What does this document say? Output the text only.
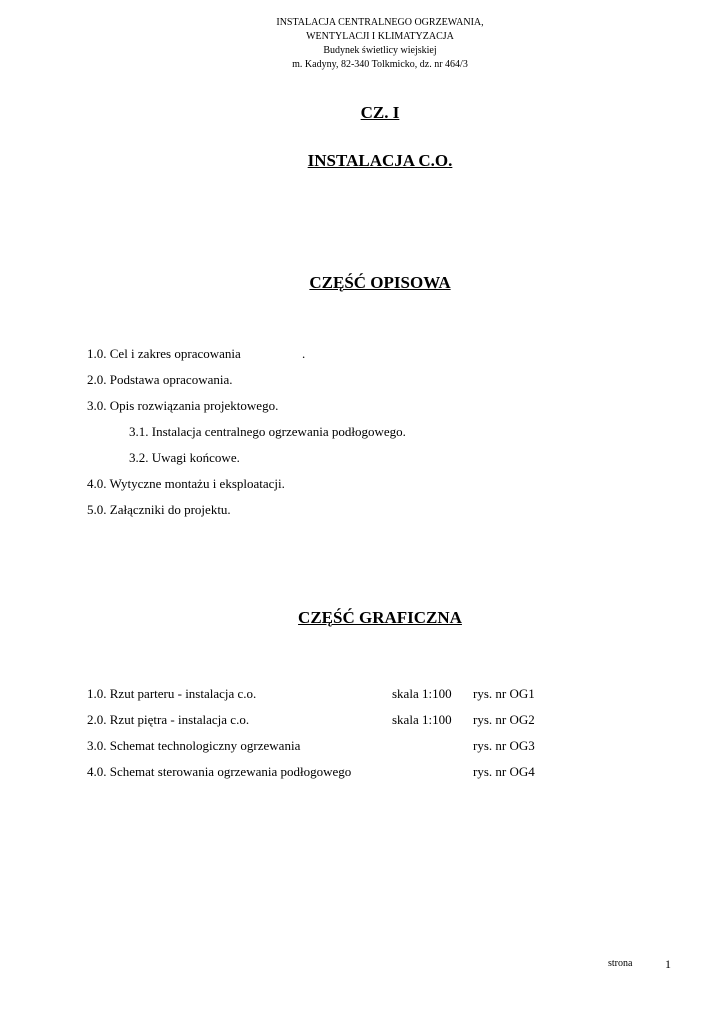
INSTALACJA CENTRALNEGO OGRZEWANIA,
WENTYLACJI I KLIMATYZACJA
Budynek świetlicy wiejskiej
m. Kadyny, 82-340 Tolkmicko, dz. nr 464/3
CZ. I
INSTALACJA C.O.
CZĘŚĆ OPISOWA
1.0. Cel i zakres opracowania	.
2.0. Podstawa opracowania.
3.0. Opis rozwiązania projektowego.
3.1. Instalacja centralnego ogrzewania podłogowego.
3.2. Uwagi końcowe.
4.0. Wytyczne montażu i eksploatacji.
5.0. Załączniki do projektu.
CZĘŚĆ GRAFICZNA
1.0. Rzut parteru - instalacja c.o.	skala 1:100 rys. nr OG1
2.0. Rzut piętra - instalacja c.o.	skala 1:100 rys. nr OG2
3.0. Schemat technologiczny ogrzewania	rys. nr OG3
4.0. Schemat sterowania ogrzewania podłogowego	rys. nr OG4
strona	1
